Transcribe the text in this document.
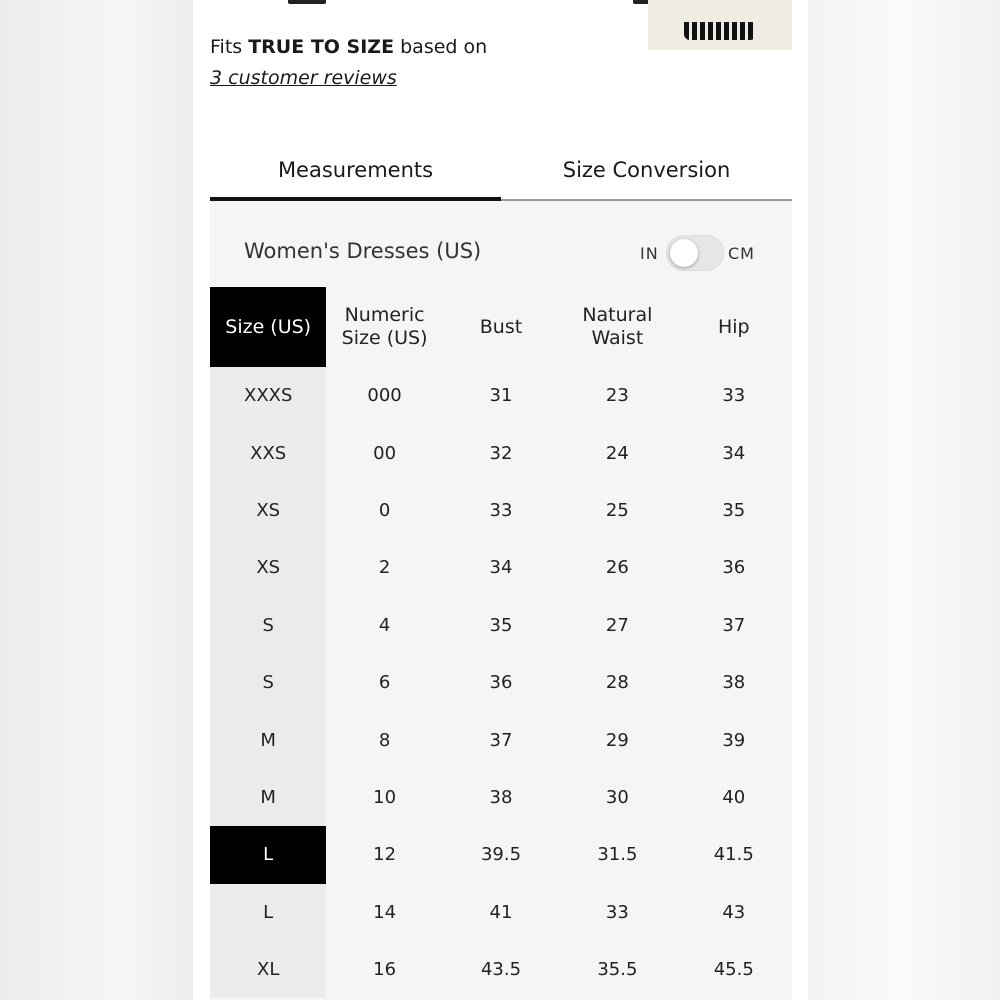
Fits TRUE TO SIZE based on
3 customer reviews
Measurements	Size Conversion
Women's Dresses (US)	IN	CM
Size (US)	Numeric Size (US)	Bust	Natural Waist	Hip
XXXS	000	31	23	33
XXS	00	32	24	34
XS	0	33	25	35
XS	2	34	26	36
S	4	35	27	37
S	6	36	28	38
M	8	37	29	39
M	10	38	30	40
L	12	39.5	31.5	41.5
L	14	41	33	43
XL	16	43.5	35.5	45.5
